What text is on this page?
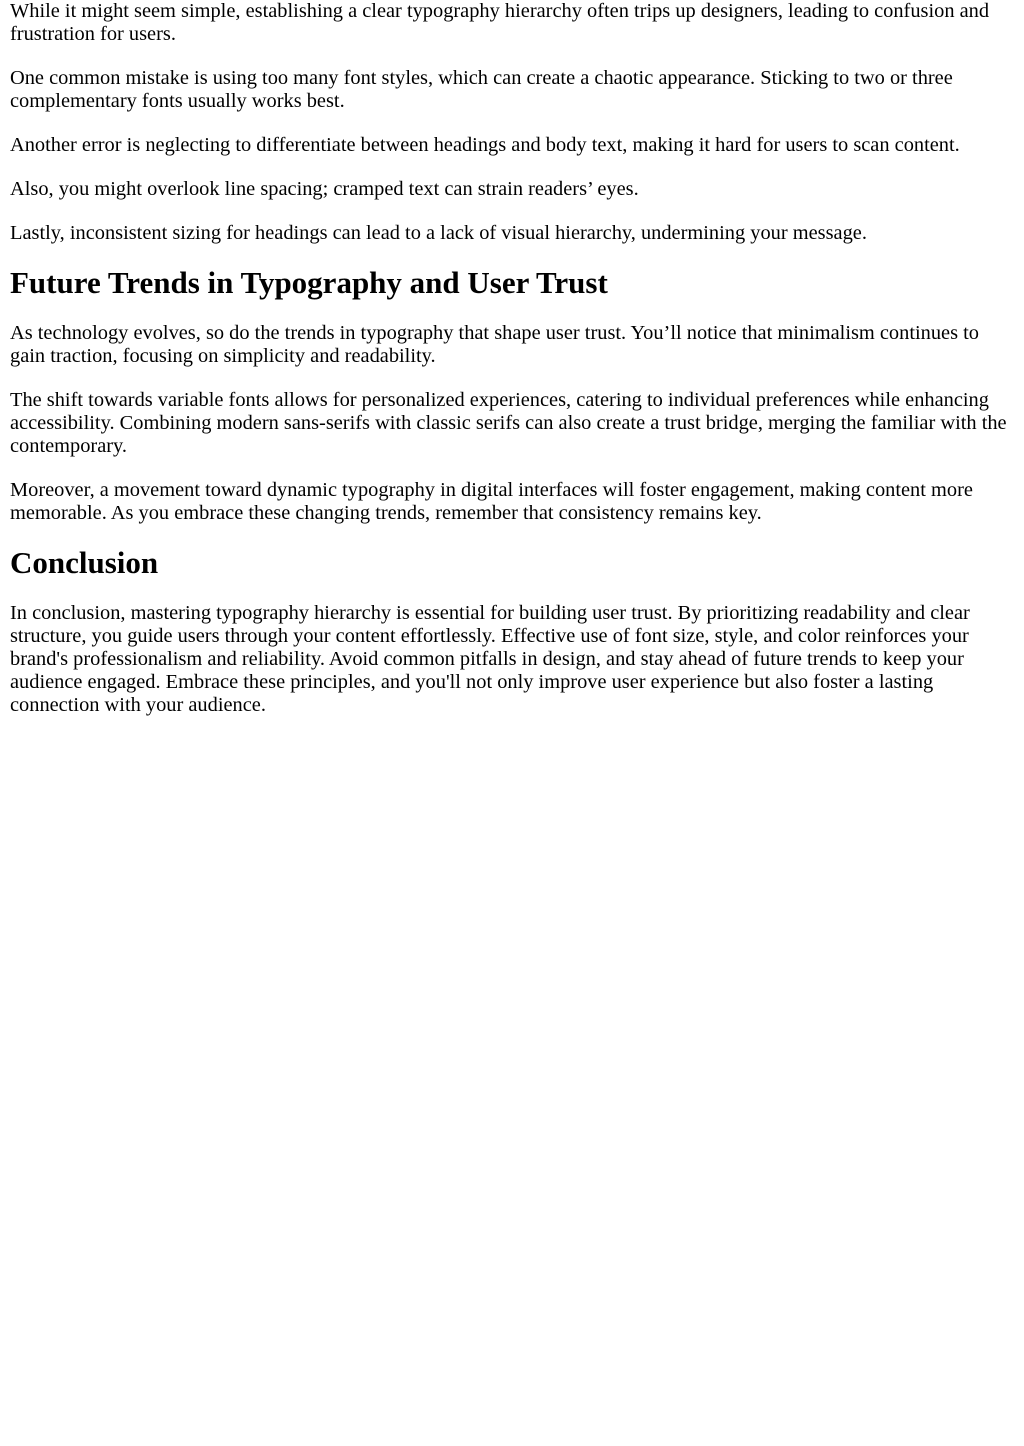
While it might seem simple, establishing a clear typography hierarchy often trips up designers, leading to confusion and frustration for users.

One common mistake is using too many font styles, which can create a chaotic appearance. Sticking to two or three complementary fonts usually works best.

Another error is neglecting to differentiate between headings and body text, making it hard for users to scan content.

Also, you might overlook line spacing; cramped text can strain readers’ eyes.

Lastly, inconsistent sizing for headings can lead to a lack of visual hierarchy, undermining your message.

Future Trends in Typography and User Trust

As technology evolves, so do the trends in typography that shape user trust. You’ll notice that minimalism continues to gain traction, focusing on simplicity and readability.

The shift towards variable fonts allows for personalized experiences, catering to individual preferences while enhancing accessibility. Combining modern sans-serifs with classic serifs can also create a trust bridge, merging the familiar with the contemporary.

Moreover, a movement toward dynamic typography in digital interfaces will foster engagement, making content more memorable. As you embrace these changing trends, remember that consistency remains key.

Conclusion

In conclusion, mastering typography hierarchy is essential for building user trust. By prioritizing readability and clear structure, you guide users through your content effortlessly. Effective use of font size, style, and color reinforces your brand's professionalism and reliability. Avoid common pitfalls in design, and stay ahead of future trends to keep your audience engaged. Embrace these principles, and you'll not only improve user experience but also foster a lasting connection with your audience.
